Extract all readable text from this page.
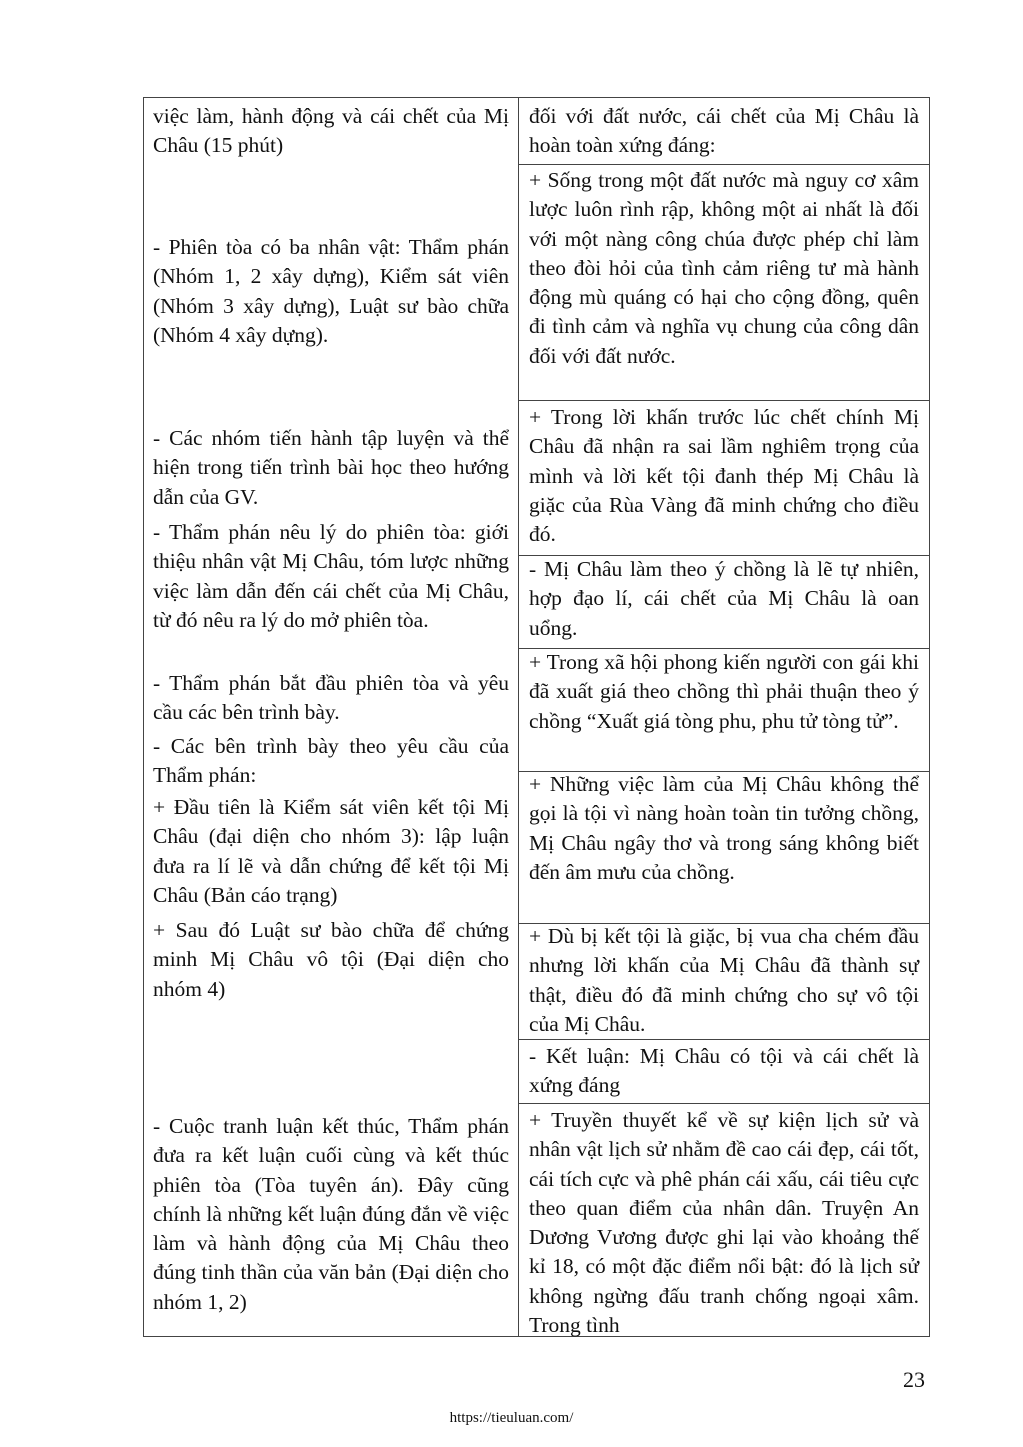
việc làm, hành động và cái chết của Mị Châu (15 phút)
- Phiên tòa có ba nhân vật: Thẩm phán (Nhóm 1, 2 xây dựng), Kiểm sát viên (Nhóm 3 xây dựng), Luật sư bào chữa (Nhóm 4 xây dựng).
- Các nhóm tiến hành tập luyện và thể hiện trong tiến trình bài học theo hướng dẫn của GV.
- Thẩm phán nêu lý do phiên tòa: giới thiệu nhân vật Mị Châu, tóm lược những việc làm dẫn đến cái chết của Mị Châu, từ đó nêu ra lý do mở phiên tòa.
- Thẩm phán bắt đầu phiên tòa và yêu cầu các bên trình bày.
- Các bên trình bày theo yêu cầu của Thẩm phán:
+ Đầu tiên là Kiểm sát viên kết tội Mị Châu (đại diện cho nhóm 3): lập luận đưa ra lí lẽ và dẫn chứng để kết tội Mị Châu (Bản cáo trạng)
+ Sau đó Luật sư bào chữa để chứng minh Mị Châu vô tội (Đại diện cho nhóm 4)
- Cuộc tranh luận kết thúc, Thẩm phán đưa ra kết luận cuối cùng và kết thúc phiên tòa (Tòa tuyên án). Đây cũng chính là những kết luận đúng đắn về việc làm và hành động của Mị Châu theo đúng tinh thần của văn bản (Đại diện cho nhóm 1, 2)
đối với đất nước, cái chết của Mị Châu là hoàn toàn xứng đáng:
+ Sống trong một đất nước mà nguy cơ xâm lược luôn rình rập, không một ai nhất là đối với một nàng công chúa được phép chỉ làm theo đòi hỏi của tình cảm riêng tư mà hành động mù quáng có hại cho cộng đồng, quên đi tình cảm và nghĩa vụ chung của công dân đối với đất nước.
+ Trong lời khấn trước lúc chết chính Mị Châu đã nhận ra sai lầm nghiêm trọng của mình và lời kết tội đanh thép Mị Châu là giặc của Rùa Vàng đã minh chứng cho điều đó.
- Mị Châu làm theo ý chồng là lẽ tự nhiên, hợp đạo lí, cái chết của Mị Châu là oan uổng.
+ Trong xã hội phong kiến người con gái khi đã xuất giá theo chồng thì phải thuận theo ý chồng “Xuất giá tòng phu, phu tử tòng tử”.
+ Những việc làm của Mị Châu không thể gọi là tội vì nàng hoàn toàn tin tưởng chồng, Mị Châu ngây thơ và trong sáng không biết đến âm mưu của chồng.
+ Dù bị kết tội là giặc, bị vua cha chém đầu nhưng lời khấn của Mị Châu đã thành sự thật, điều đó đã minh chứng cho sự vô tội của Mị Châu.
- Kết luận: Mị Châu có tội và cái chết là xứng đáng
+ Truyền thuyết kể về sự kiện lịch sử và nhân vật lịch sử nhằm đề cao cái đẹp, cái tốt, cái tích cực và phê phán cái xấu, cái tiêu cực theo quan điểm của nhân dân. Truyện An Dương Vương được ghi lại vào khoảng thế kỉ 18, có một đặc điểm nổi bật: đó là lịch sử không ngừng đấu tranh chống ngoại xâm. Trong tình
23
https://tieuluan.com/
